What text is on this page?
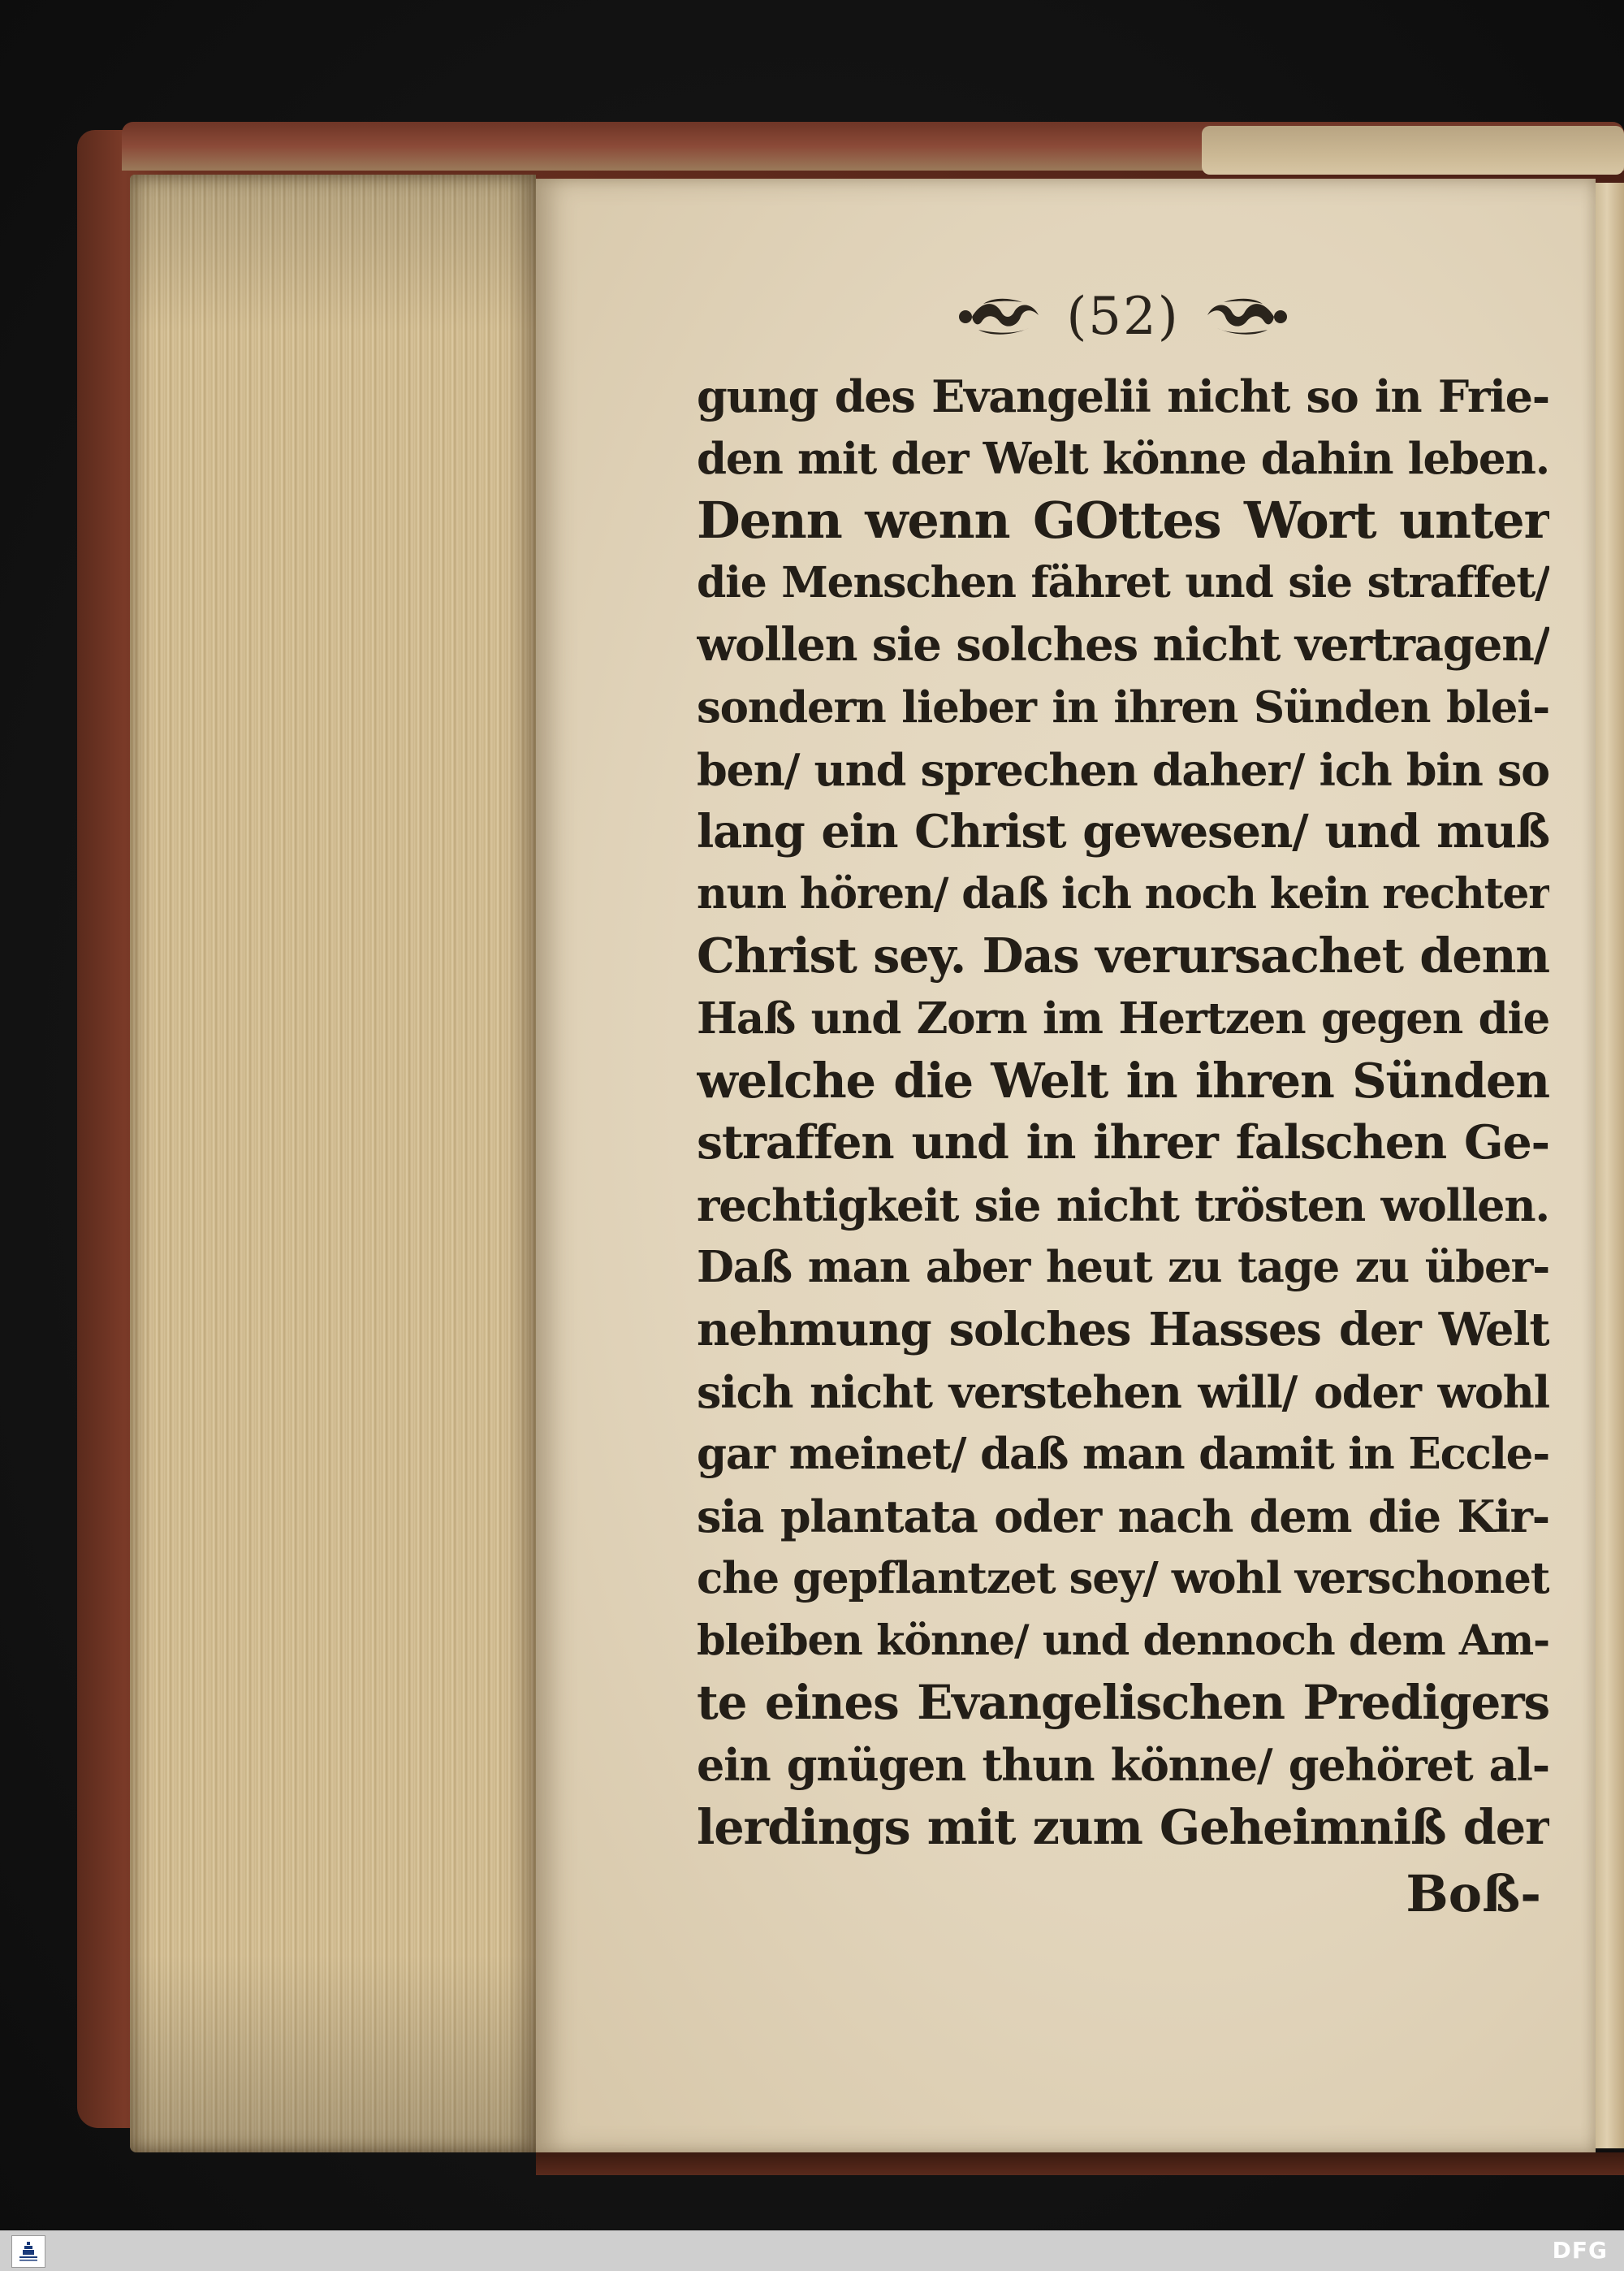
(52)
gung des Evangelii nicht so in Frie-
den mit der Welt könne dahin leben.
Denn wenn GOttes Wort unter
die Menschen fähret und sie straffet/
wollen sie solches nicht vertragen/
sondern lieber in ihren Sünden blei-
ben/ und sprechen daher/ ich bin so
lang ein Christ gewesen/ und muß
nun hören/ daß ich noch kein rechter
Christ sey. Das verursachet denn
Haß und Zorn im Hertzen gegen die
welche die Welt in ihren Sünden
straffen und in ihrer falschen Ge-
rechtigkeit sie nicht trösten wollen.
Daß man aber heut zu tage zu über-
nehmung solches Hasses der Welt
sich nicht verstehen will/ oder wohl
gar meinet/ daß man damit in Eccle-
sia plantata oder nach dem die Kir-
che gepflantzet sey/ wohl verschonet
bleiben könne/ und dennoch dem Am-
te eines Evangelischen Predigers
ein gnügen thun könne/ gehöret al-
lerdings mit zum Geheimniß der
Boß-
DFG
